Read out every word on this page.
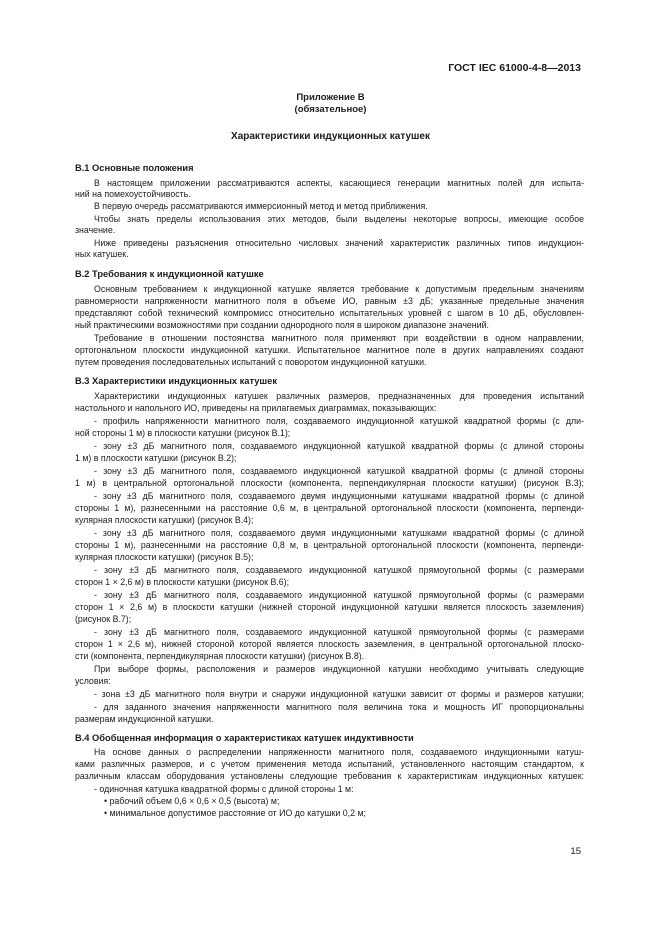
ГОСТ IEC 61000-4-8—2013
Приложение В
(обязательное)
Характеристики индукционных катушек
В.1 Основные положения
В настоящем приложении рассматриваются аспекты, касающиеся генерации магнитных полей для испыта-
ний на помехоустойчивость.
В первую очередь рассматриваются иммерсионный метод и метод приближения.
Чтобы знать пределы использования этих методов, были выделены некоторые вопросы, имеющие особое
значение.
Ниже приведены разъяснения относительно числовых значений характеристик различных типов индукцион-
ных катушек.
В.2 Требования к индукционной катушке
Основным требованием к индукционной катушке является требование к допустимым предельным значениям
равномерности напряженности магнитного поля в объеме ИО, равным ±3 дБ; указанные предельные значения
представляют собой технический компромисс относительно испытательных уровней с шагом в 10 дБ, обусловлен-
ный практическими возможностями при создании однородного поля в широком диапазоне значений.
Требование в отношении постоянства магнитного поля применяют при воздействии в одном направлении,
ортогональном плоскости индукционной катушки. Испытательное магнитное поле в других направлениях создают
путем проведения последовательных испытаний с поворотом индукционной катушки.
В.3 Характеристики индукционных катушек
Характеристики индукционных катушек различных размеров, предназначенных для проведения испытаний
настольного и напольного ИО, приведены на прилагаемых диаграммах, показывающих:
- профиль напряженности магнитного поля, создаваемого индукционной катушкой квадратной формы (с дли-
ной стороны 1 м) в плоскости катушки (рисунок В.1);
- зону ±3 дБ магнитного поля, создаваемого индукционной катушкой квадратной формы (с длиной стороны
1 м) в плоскости катушки (рисунок В.2);
- зону ±3 дБ магнитного поля, создаваемого индукционной катушкой квадратной формы (с длиной стороны
1 м) в центральной ортогональной плоскости (компонента, перпендикулярная плоскости катушки) (рисунок В.3);
- зону ±3 дБ магнитного поля, создаваемого двумя индукционными катушками квадратной формы (с длиной
стороны 1 м), разнесенными на расстояние 0,6 м, в центральной ортогональной плоскости (компонента, перпенди-
кулярная плоскости катушки) (рисунок В.4);
- зону ±3 дБ магнитного поля, создаваемого двумя индукционными катушками квадратной формы (с длиной
стороны 1 м), разнесенными на расстояние 0,8 м, в центральной ортогональной плоскости (компонента, перпенди-
кулярная плоскости катушки) (рисунок В.5);
- зону ±3 дБ магнитного поля, создаваемого индукционной катушкой прямоугольной формы (с размерами
сторон 1 × 2,6 м) в плоскости катушки (рисунок В.6);
- зону ±3 дБ магнитного поля, создаваемого индукционной катушкой прямоугольной формы (с размерами
сторон 1 × 2,6 м) в плоскости катушки (нижней стороной индукционной катушки является плоскость заземления)
(рисунок В.7);
- зону ±3 дБ магнитного поля, создаваемого индукционной катушкой прямоугольной формы (с размерами
сторон 1 × 2,6 м), нижней стороной которой является плоскость заземления, в центральной ортогональной плоско-
сти (компонента, перпендикулярная плоскости катушки) (рисунок В.8).
При выборе формы, расположения и размеров индукционной катушки необходимо учитывать следующие
условия:
- зона ±3 дБ магнитного поля внутри и снаружи индукционной катушки зависит от формы и размеров катушки;
- для заданного значения напряженности магнитного поля величина тока и мощность ИГ пропорциональны
размерам индукционной катушки.
В.4 Обобщенная информация о характеристиках катушек индуктивности
На основе данных о распределении напряженности магнитного поля, создаваемого индукционными катуш-
ками различных размеров, и с учетом применения метода испытаний, установленного настоящим стандартом, к
различным классам оборудования установлены следующие требования к характеристикам индукционных катушек:
- одиночная катушка квадратной формы с длиной стороны 1 м:
• рабочий объем 0,6 × 0,6 × 0,5 (высота) м;
• минимальное допустимое расстояние от ИО до катушки 0,2 м;
15
